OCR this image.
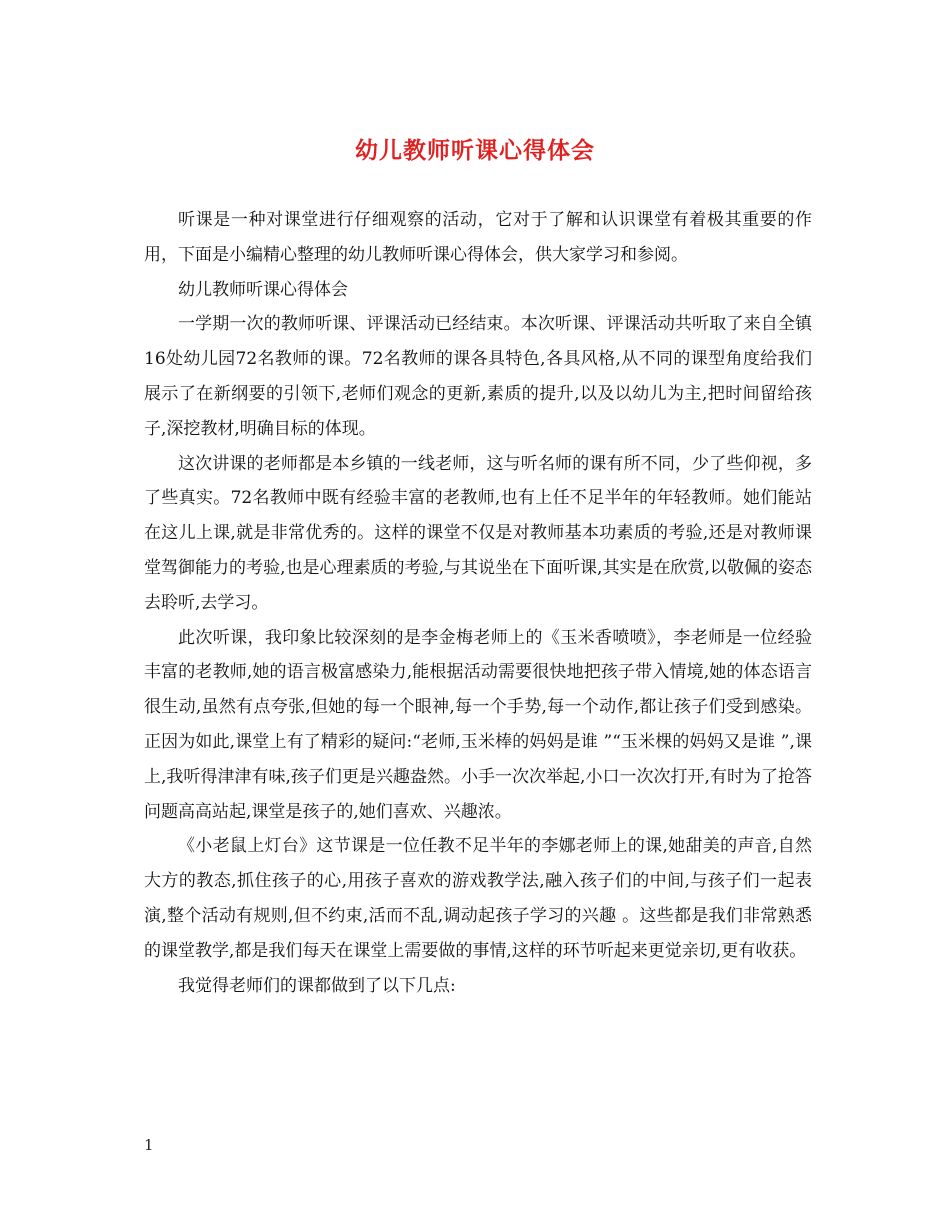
幼儿教师听课心得体会

听课是一种对课堂进行仔细观察的活动，它对于了解和认识课堂有着极其重要的作用，下面是小编精心整理的幼儿教师听课心得体会，供大家学习和参阅。

幼儿教师听课心得体会

一学期一次的教师听课、评课活动已经结束。本次听课、评课活动共听取了来自全镇16处幼儿园72名教师的课。72名教师的课各具特色,各具风格,从不同的课型角度给我们展示了在新纲要的引领下,老师们观念的更新,素质的提升,以及以幼儿为主,把时间留给孩子,深挖教材,明确目标的体现。

这次讲课的老师都是本乡镇的一线老师，这与听名师的课有所不同，少了些仰视，多了些真实。72名教师中既有经验丰富的老教师,也有上任不足半年的年轻教师。她们能站在这儿上课,就是非常优秀的。这样的课堂不仅是对教师基本功素质的考验,还是对教师课堂驾御能力的考验,也是心理素质的考验,与其说坐在下面听课,其实是在欣赏,以敬佩的姿态去聆听,去学习。

此次听课，我印象比较深刻的是李金梅老师上的《玉米香喷喷》，李老师是一位经验丰富的老教师,她的语言极富感染力,能根据活动需要很快地把孩子带入情境,她的体态语言很生动,虽然有点夸张,但她的每一个眼神,每一个手势,每一个动作,都让孩子们受到感染。正因为如此,课堂上有了精彩的疑问:“老师,玉米棒的妈妈是谁 ”“玉米棵的妈妈又是谁 ”,课上,我听得津津有味,孩子们更是兴趣盎然。小手一次次举起,小口一次次打开,有时为了抢答问题高高站起,课堂是孩子的,她们喜欢、兴趣浓。

《小老鼠上灯台》这节课是一位任教不足半年的李娜老师上的课,她甜美的声音,自然大方的教态,抓住孩子的心,用孩子喜欢的游戏教学法,融入孩子们的中间,与孩子们一起表演,整个活动有规则,但不约束,活而不乱,调动起孩子学习的兴趣 。这些都是我们非常熟悉的课堂教学,都是我们每天在课堂上需要做的事情,这样的环节听起来更觉亲切,更有收获。

我觉得老师们的课都做到了以下几点:

1
